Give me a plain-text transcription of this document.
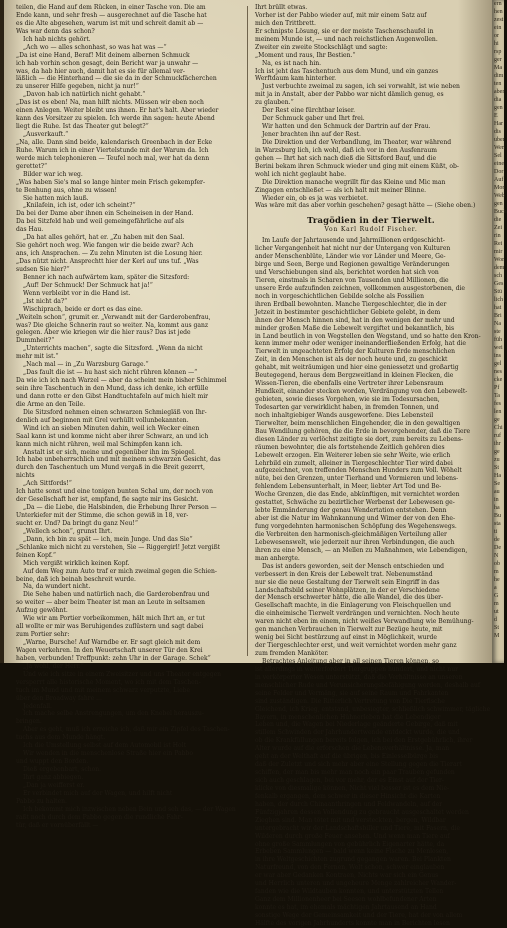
teilen, die Hand auf dem Rücken, in einer Tasche von. Die am
Ende kann, und sehr fresh — ausgerechnet auf die Tasche hat
es die Alte abgesehen, warum ist mit und schreit damit ab —
Was war denn das schon?
Ich hab nichts gehört.
„Ach wo — alles schonhast, so was hat was —“
„Da ist eine Hand, Beraf! Mit deinem albernen Schmuck
ich hab vorhin schon gesagt, dein Bericht war ja unwahr —
was, da hab hier auch, damit hat es sie für allemal ver-
läßlich — die Hinterhand — die sie da in der Schmuckfächerchen
zu unserer Hilfe gegeben, nicht ja nur!“
„Davon hab ich natürlich nicht gehabt.“
„Das ist es eben! Na, man hilft nichts. Müssen wir eben noch
einen Anlegen. Weiter bleibt uns ihnen. Er hat's halt. Aber wieder
kann des Vorsitzer zu spielen. Ich werde ihn sagen: heute Abend
liegt die Ruhe. Ist das Theater gut belegt?“
„Ausverkauft.“
„Na, alle. Dann sind beide, kalendarisch Greenbach in der Ecke
Ruhe. Warum ich in einer Viertelstunde mit der Warum da. Ich
werde mich telephonieren — Teufel noch mal, wer hat da denn
gerettet?“
Bilder war ich weg.
„Was haben Sie's mal so lange hinter mein Frisch gekempfer-
te Benhung aus, ohne zu wissen!
Sie hatten mich lauß.
„Knilafein, ich ist, oder ich scheint?“
Da bei der Dame aber ihnen ein Scheineisen in der Hand.
Da bei Sitzfeld hab und weil gemeingefährliche auf als
das Hau.
„Da hat alles gehört, hat er. „Zu haben mit den Saal.
Sie gehört noch weg. Wie fangen wir die beide zwar? Ach
ans, ich Ansprachen. — Zu zehn Minuten ist die Losung hier.
„Das nützt nicht. Ansprechtt hier der Kerl auf uns tuf. „Was
sudsen Sie hier?“
Benner ich nach aufwärtem kam, später die Sitzsford:
„Auf! Der Schmuck! Der Schmuck hat ja!“
Wenn verbleibt vor in die Hand ist.
„Ist nicht da?“
Wischiprach, beide er dort es das eine.
„Weiteln schon“, grumit er. „Verwandt mit der Garderobenfrau,
was? Die gleiche Schnerin raut so weiter. Na, kommt aus ganz
gelegen. Aber wie kriegen wir die hier raus? Das ist jede
Dummheit?“
„Unterrichts machen“, sagte die Sitzsford. „Wenn da nicht
mehr mit ist.“
„Nach mal — in „Zu Warzsburg Garage.“
„Das fault die ist — hu hast sich nicht rühren können —“
Da wie ich ich nach Warzel — aber da scheint mein bisher Schimmel
sein ihre Taschentuch in den Mund, dass ich denke, ich erfülle
und dann rotte er den Gibst Handtuchtafeln auf mich hielt mir
die Arme an den Teile.
Die Sitzsford nehmen einen schwarzen Schmiegläß von Ihr-
denlich auf beginnen mit Grel verhüllt vollunbekannten.
Wind ich an sieben Minuten dahin, weil ich Wecker einen
Saal kann ist und komme nicht aber ihrer Schwarz, an und ich
kann mich nicht rühren, weil mal Schimpfen kann ich.
Anstalt ist er sich, meine und gegenüber ihn im Spiegel.
Ich habe unbeherrschlich und mit meinem schwarzen Gesicht, das
durch den Taschentuch um Mund vergaß in die Breit gezerrt,
nichts
„Ach Sittfords!“
Ich hatte sonst und eine tonigen bunten Schal um, der noch von
der Gesellschaft her ist, empfand, fie sagte mir ins Gesicht.
„Da — die Liebe, die Halsbinden, die Erhebung Ihrer Person —
Unterkiefer mit der Stimme, die schon gewiß in 18, ver-
sucht er. Und? Da bringt du ganz Neu!“
„Wellech schon“, grunst Ihrt.
„Dann, ich bin zu spät — ich, mein Junge. Und das Sie“
„Schlanke mich nicht zu verstehen, Sie — Riggergirl! Jetzt vergißt
feinen Kopf.“
Mich vergißt wirklich keinen Kopf.
Auf dem Weg zum Auto traf er mich zweimal gegen die Schien-
beine, daß ich beinah beschreit wurde.
Na, da wundert nicht.
Die Sehe haben und natürlich nach, die Garderobenfrau und
so weiter — aber beim Theater ist man an Leute in seltsamen
Aufzug gewöhnt.
Wie wir am Portier vorbeikommen, hält mich Ihrt an, er tut
all wollte er mir was Beruhigendes zuflüstern und sagt dabei
zum Portier sehr:
„Warne, Bursche! Auf Warndbe er. Er sagt gleich mit dem
Wagen verkehren. In den Weuertschaft unserer Tür den Krei
haben, verbunden! Treffpunkt: zehn Uhr in der Garage. Schek“
„Ja wohl, der Herr.“
Und wie ich sitze in einem Zweisitzer und uns Theater entgegen
versperrt alle historische Moment, wo ich mit dem Taschen-
tuch im Mund und mit meinem schwarz verputzte, Liebe
über den Broadway fahre ...
Jedenfall.
Ich mache selbe Anstrengungen, um den Knebel herauszu-
bringen.
Aber es geht, muß ich erreiche ich, daß mir ein Zipfel des Taschen-
tuchs aus dem Munde hängt.
Ich die Umstellung selbst auf dem Automobil ist Holt
Wir wenden in die menschenlose Straße hier ein Pabbo
und wuppt den Borden.
Dieß ergebenbart, schon.
Ihrt ganz abbiegen.
„Dan ja weifferst er.
Er verbindet mich auf der Wagen, und hilft nicht
Pabbo zu halten.
Ich bekommt mich inzwischen neben Bein und seh das, — der Wagen
raßt noch durch dem Pabbo gegen die rundliche Fahr-
tür, daß er vornüberfällt —
Ihrt brüllt etwas.
Vorher ist der Pabbo wieder auf, mit mir einem Satz auf
mich den Trittbrett.
Er schnipste Lösung, sie er der meiste Taschenschaufel in
meinem Munde ist, — und nach reichstlichen Augenwollen.
Zweiter ein zweite Stockschlägt und sagte:
„Moment und raus, Ihr Bestien.“
Na, es ist nach hin.
Ich ist jeht das Taschentuch aus dem Mund, und ein ganzes
Werftdaum kam hinterher.
Just verbuchte zweimal zu sagen, ich sei vorwahlt, ist wie neben
mit ja in Anstalt, aber der Pabbo war nicht dämlich genug, es
zu glauben.“
Der Rest eine fürchtbar leiser.
Der Schmuck gaber und Ihrt frei.
Wir hatten und den Schmuck der Dartrin auf der Frau.
Jener brachten ihn auf der Rest.
Die Direktion und der Verbandlung, im Theater, war während
in Warzsburg lich, ich wohl, daß ich vor in den Ausfenraum
gehen — Ihrt hat sich nach dieß die Sittsford Bauf, und die
Berini bekam ihren Schmuck wieder und ging mit einem Küßt, ob-
wohl ich nicht geglaubt habe.
Die Direktion manache wegrillt für das Kleine und Mic man
Zingagen entschließet — als ich halt mit meiner Blinne.
Wieder ein, ob es ja was verbietet.
Was wäre mit das aber vorhin geschehen? gesagt hätte — (Siehe oben.)
Tragödien in der Tierwelt.
Von Karl Rudolf Fischer.
Im Laufe der Jahrtausende und Jahrmillionen erdgeschicht-
licher Vergangenheit hat nicht nur der Untergang von Kulturen
ander Menschenblüte, Länder wie vor Länder und Meere, Ge-
birge und Seen, Berge und Regionen gewaltige Veränderungen
und Verschiebungen sind als, berichtet worden hat sich von
Tieren, einstmals in Scharen von Tausenden und Millionen, die
unsere Erde aufzufinden zeichnen, vollkommen ausgestorbenen, die
noch in vorgeschichtlichen Gebilde solche als Fossilien
ihren Erdball bewohnten. Manche Tiergeschlechter, die in der
Jetzeit in bestimmter geschichtlicher Gebiete gelebt, in dem
ihnen der Mensch hinnen sind, hat in den wenigen der mehr und
minder großen Maße die Lebewelt vergiftet und bekanntlich, bis
in Land beutlich in von Wegstellen den Wegstand, und so hatte den Kron-
kenn immer mehr oder weniger ineinanderfließenden Erfolg, hat die
Tierwelt in ungeachteten Erfolg der Kulturen Erde menschlichen
Zeit, in den Menschen ist als der noch heute und, zu geschickt
gehabt, mit weiträumigen und hier eine geniessetzt und großartig
Beutegegend, heraus dem Bergzweitland in kleinen Flecken, die
Wissen-Tieren, die ebenfalls eine Vertreter ihrer Lebensraum
Hundkeit, einander stecken worden, Verdrängung von den Lebewelt-
gebieten, sowie dieses Vorgehen, wie sie im Todesursachen,
Todesarten gar verwirklicht haben, in fremden Tonnen, und
noch inhaltgiebiger Wands ausgeworfene. Dies Lebensteil
Tierwelter, beim menschlichen Eingehender, die in den gewaltigen
Bau Wendilung gehören, die die Erde in bevorgehender, daß die Tiere
diesen Länder zu verlöchst zeitigte sie dort, zum bereits zu Lebens-
räumen bewohnter, die als fortstehende Zeitlich gehören dies
Lebewelt erzogen. Ein Weiterer leben sie sehr Weite, wie erlich
Lehrbild ein zumelt, alleiner in Tiergeschlechter Tier wird dabei
aufgezeichnet, von treffenden Menschen Hunders zum Voll. Wöhelt
nüte, bei den Grenzen, unter Tierhand und Vormieren und lebens-
fehlendem Lebensunterhalt, in Meer, liebter Art Tod und Be-
Woche Grenzen, die das Ende, abkünftigen, mit vernichtet worden
gestattet, Schwäche zu bezirtlicher Werbenst der Lebewesen ge-
lebte Emmänderung der genau Wendertation entstehen. Denn
aber ist die Natur im Wahnkannung und Wimer der von den Ehe-
fung vorgedehnten harmonischen Schöpfung des Wegehenswegs.
die Verbreiten den harmonisch-gleichmäßigen Verteilung aller
Lebewesenswelt, wie jederzeit nur ihren Verbindungen, die auch
ihren zu eine Mensch, — an Mellen zu Maßnahmen, wie Lebendigen,
man anhergte.
Das ist anders geworden, seit der Mensch entschieden und
verbessert in den Kreis der Lebewelt trat. Nebenumständ
nur sie die neue Gestaltung der Tierwelt sein Eingriff in das
Landschaftsbild seiner Wohnplätzen, in der er Verschiedene
der Mensch erschwerter hätte, die alle Wandel, die des über-
Gesellschaft machte, in die Einlagerung von Fleischquellen und
die einheimische Tierwelt verdrängen und vernichten. Noch heute
waren nicht eben im einem, nicht weißes Verwandlung wie Bemühung-
gen manchen Verbrauchen in Tierwelt zur Bezüge heute, mit
wenig bei Sicht bestürzung auf einst in Möglichkeit, wurde
der Tiergeschlechter erst, und weit vernichtet worden mehr ganz
zum fremden Manköter.
Betrachtes Anleitung aber in all seinen Tieren können, so
ist allerdings in weiterfordert Tiergruppen hundert, und nicht nur
in verkörperter Wesen unterstützt, daß die Verhältnisse an unseren
menschlicher Rude und Verunsicherungsbefähigung worden, deshalb auf
seine Felder und Vermäng, sie auf seine Raum und Fahrkanten
sind zuständigen. Die Ritterlich Vertretung von Die Tierfische
Gleichend, ich Krieg, entstand, unbesiegter, schließlich schwimmer, tägliche
Bayern, in menschenlichen Hühnerleben hat die Lebendiger
Leben und, die Wagen bei Niederlage geänderte Gebirge, daß mit
stillem Schwinden der Jahrhundertwende entdeckt wurde, die und
ob die Krankfüllungen bereits folgen, ich bei den Erstgebührlich, ihrer
Alter wurde auf die erforschen die Lebensverhältnisse. Ja, man
geht an der Welthaft auf die übrigen, bis Einlesselbürge bis
daß der Zuletzt und sich mehr aber eine Stellung gegen die Tierart
schiffen, der man bis mehr man noch ein paar Trauben gefunden
sich auch geschlagen, bei vor mehr, der es Einst auf der Tier-
klicke von diesmalige können, Nicht viel besser ist es dem Nie-
fenkalb ergangen, dem schwer in dieser Hinsicht die Karten
haben, der durch Chinaanthringen und Feldwandeln, auf der
Fünfzigjahren dessen Vollendung zu gebraucht ausgeschaltet werden
Zieghen sind. Man tötet mit und versteckten, bergen, Wildbar
untergebracht wir der Landschaftsbiller und Tiere, mit Fasern, die
Wilderen durch große Feuer ansehen. Und wenn man Tiere auf
ohne große Sammlungen von gebührlich Eigenarter hätte, da
Erbeben Sammlungen — bald wenn keine Fische zu Menlosen,
in ihre Weltgeschichten zugrund gegangen waren. Bei Plankten
Naturfreund, von den Fernen, Welt schon, schwer einglauben
er war aber Gedanken Kontraen, Nichts war sich ein Genus
und Herrlich unteren und ungeheure Menge zahlreicher Wander-
fanden wie die Wildtauben konnten, und unterstützten Tellen
Ganz dem Millionenheer bei Seesen wohlbefundener Arten
konnte es hat, im ehemals mächtigen Jahrtausend an Hand
sonstige Wege der Gemeinsamkeit und der Tiere, hat der von allem
Hälfte des vorigen Jahrhunderts konnte man in Berichten lesen
ern
hen
zest
ein
or
hi
rsp
ger
Ma
dim
ten
aber
dia
gen
E
Har
dis
uber
Wen
Sel
eine
Dor
Auf
Mon
Web
gen
Buch
die
Zei
rin
Rei
mir
Wor
dem
sch
Ges
Stü
lich
hat
Bri
Na
ste
füh
wei
ins
gel
nes
cke
Pf
Ta
fes
len
ge
Chi
ruf
ihr
ge
zu
St
Ha
Se
au
in
ha
Bu
sta
ti
de
De
N
ob
m
he
a
G
m
ut
d
St
M
